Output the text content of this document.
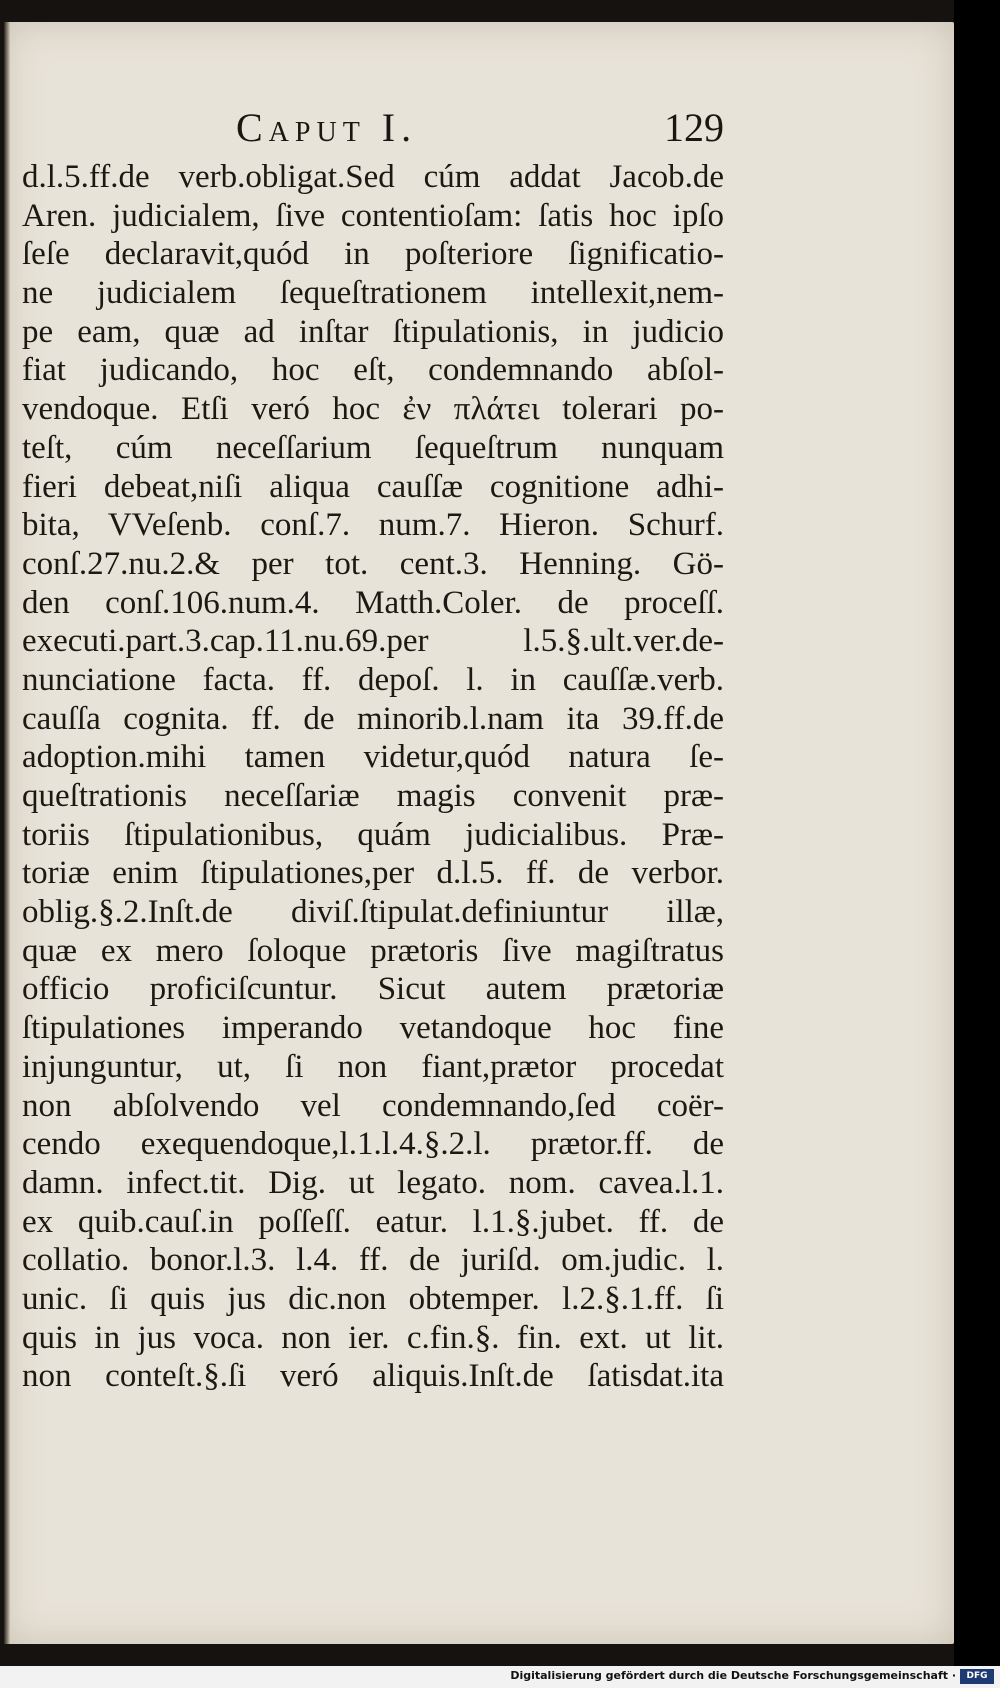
Caput I.	129
d.l.5.ff.de verb.obligat.Sed cúm addat Jacob.de
Aren. judicialem, ſive contentioſam: ſatis hoc ipſo
ſeſe declaravit,quód in poſteriore ſignificatio-
ne judicialem ſequeſtrationem intellexit,nem-
pe eam, quæ ad inſtar ſtipulationis, in judicio
fiat judicando, hoc eſt, condemnando abſol-
vendoque. Etſi veró hoc ἐν πλάτει tolerari po-
teſt, cúm neceſſarium ſequeſtrum nunquam
fieri debeat,niſi aliqua cauſſæ cognitione adhi-
bita, VVeſenb. conſ.7. num.7. Hieron. Schurf.
conſ.27.nu.2.& per tot. cent.3. Henning. Gö-
den conſ.106.num.4. Matth.Coler. de proceſſ.
executi.part.3.cap.11.nu.69.per l.5.§.ult.ver.de-
nunciatione facta. ff. depoſ. l. in cauſſæ.verb.
cauſſa cognita. ff. de minorib.l.nam ita 39.ff.de
adoption.mihi tamen videtur,quód natura ſe-
queſtrationis neceſſariæ magis convenit præ-
toriis ſtipulationibus, quám judicialibus. Præ-
toriæ enim ſtipulationes,per d.l.5. ff. de verbor.
oblig.§.2.Inſt.de diviſ.ſtipulat.definiuntur illæ,
quæ ex mero ſoloque prætoris ſive magiſtratus
officio proficiſcuntur. Sicut autem prætoriæ
ſtipulationes imperando vetandoque hoc fine
injunguntur, ut, ſi non fiant,prætor procedat
non abſolvendo vel condemnando,ſed coër-
cendo exequendoque,l.1.l.4.§.2.l. prætor.ff. de
damn. infect.tit. Dig. ut legato. nom. cavea.l.1.
ex quib.cauſ.in poſſeſſ. eatur. l.1.§.jubet. ff. de
collatio. bonor.l.3. l.4. ff. de juriſd. om.judic. l.
unic. ſi quis jus dic.non obtemper. l.2.§.1.ff. ſi
quis in jus voca. non ier. c.fin.§. fin. ext. ut lit.
non conteſt.§.ſi veró aliquis.Inſt.de ſatisdat.ita
Digitalisierung gefördert durch die Deutsche Forschungsgemeinschaft ·	DFG
